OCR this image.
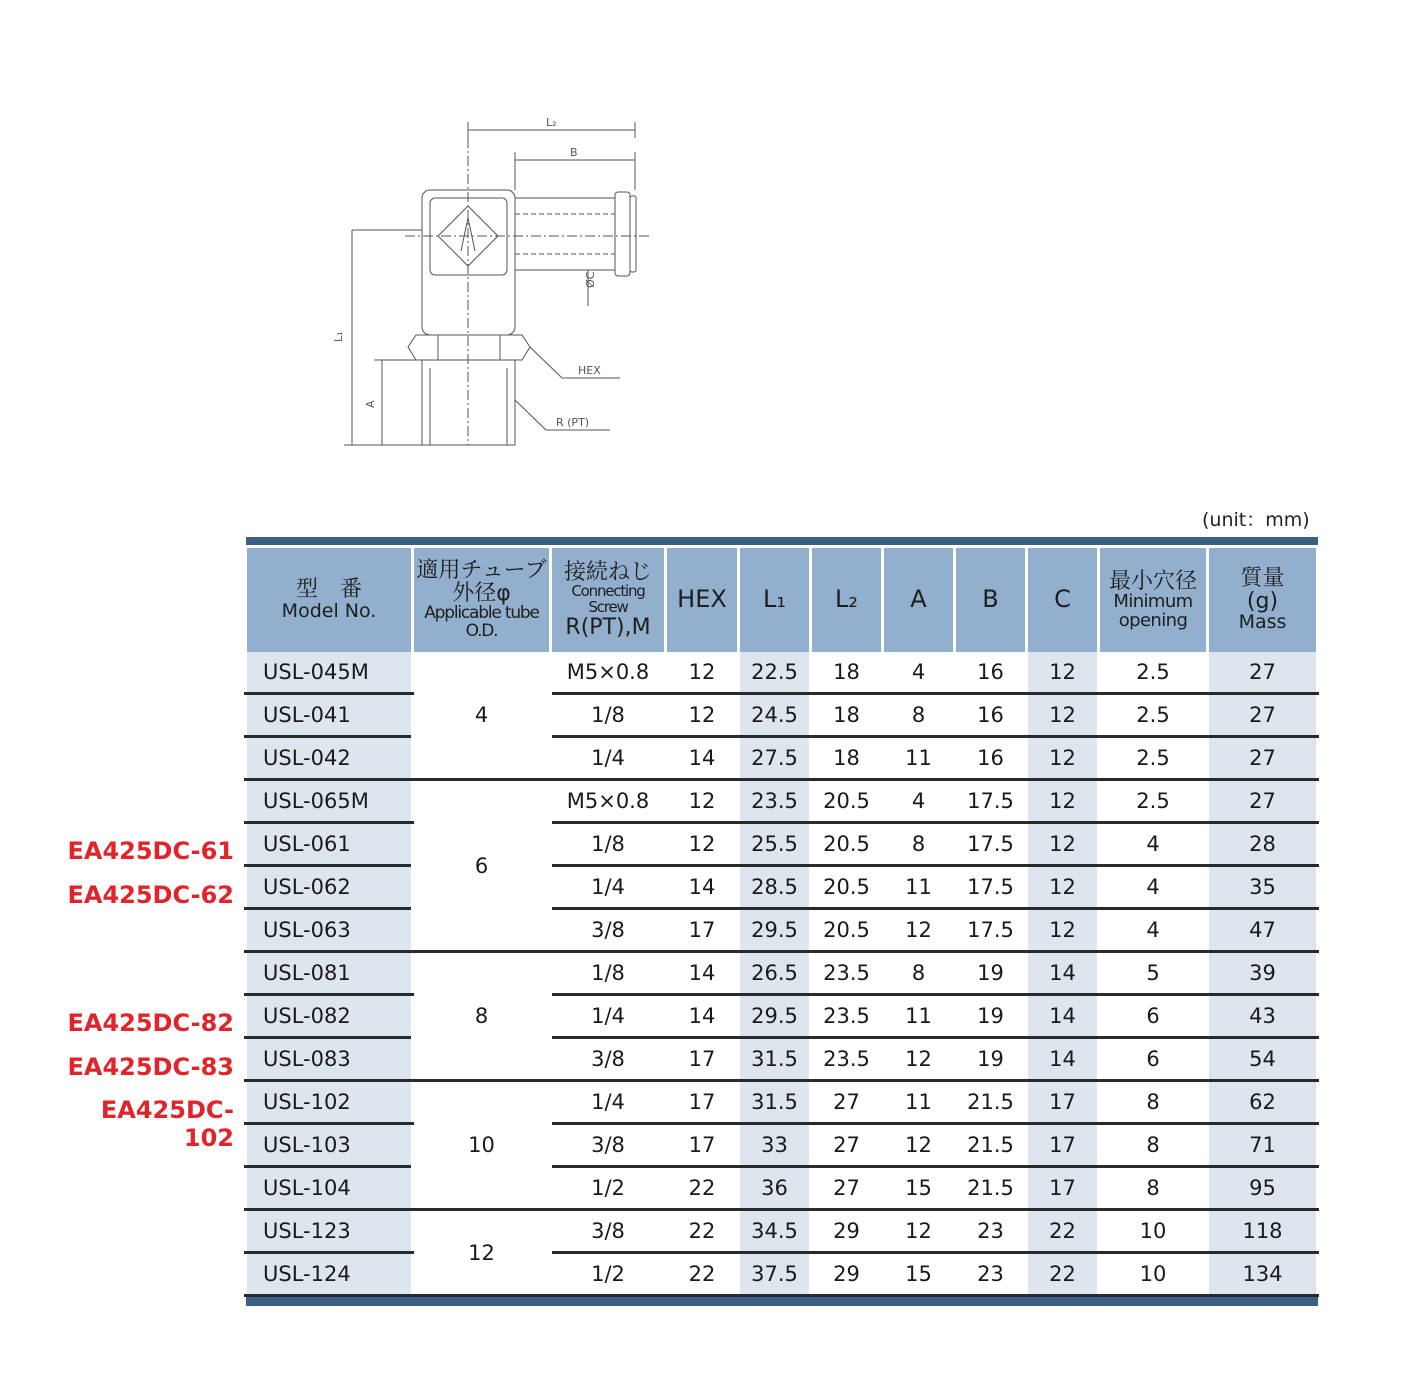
L₂
B
ØC
L₁
A
HEX
R (PT)
(unit：mm)
EA425DC-61
EA425DC-62
EA425DC-82
EA425DC-83
EA425DC-102

型　番
Model No.	適用チューブ
外径φ
Applicable tube
O.D.	接続ねじ
Connecting Screw
R(PT),M	HEX	L₁	L₂	A	B	C	最小穴径
Minimum
opening	質量
(g)
Mass

USL-045M	4	M5×0.8	12	22.5	18	4	16	12	2.5	27
USL-041		1/8	12	24.5	18	8	16	12	2.5	27
USL-042		1/4	14	27.5	18	11	16	12	2.5	27
USL-065M	6	M5×0.8	12	23.5	20.5	4	17.5	12	2.5	27
USL-061		1/8	12	25.5	20.5	8	17.5	12	4	28
USL-062		1/4	14	28.5	20.5	11	17.5	12	4	35
USL-063		3/8	17	29.5	20.5	12	17.5	12	4	47
USL-081	8	1/8	14	26.5	23.5	8	19	14	5	39
USL-082		1/4	14	29.5	23.5	11	19	14	6	43
USL-083		3/8	17	31.5	23.5	12	19	14	6	54
USL-102	10	1/4	17	31.5	27	11	21.5	17	8	62
USL-103		3/8	17	33	27	12	21.5	17	8	71
USL-104		1/2	22	36	27	15	21.5	17	8	95
USL-123	12	3/8	22	34.5	29	12	23	22	10	118
USL-124		1/2	22	37.5	29	15	23	22	10	134
